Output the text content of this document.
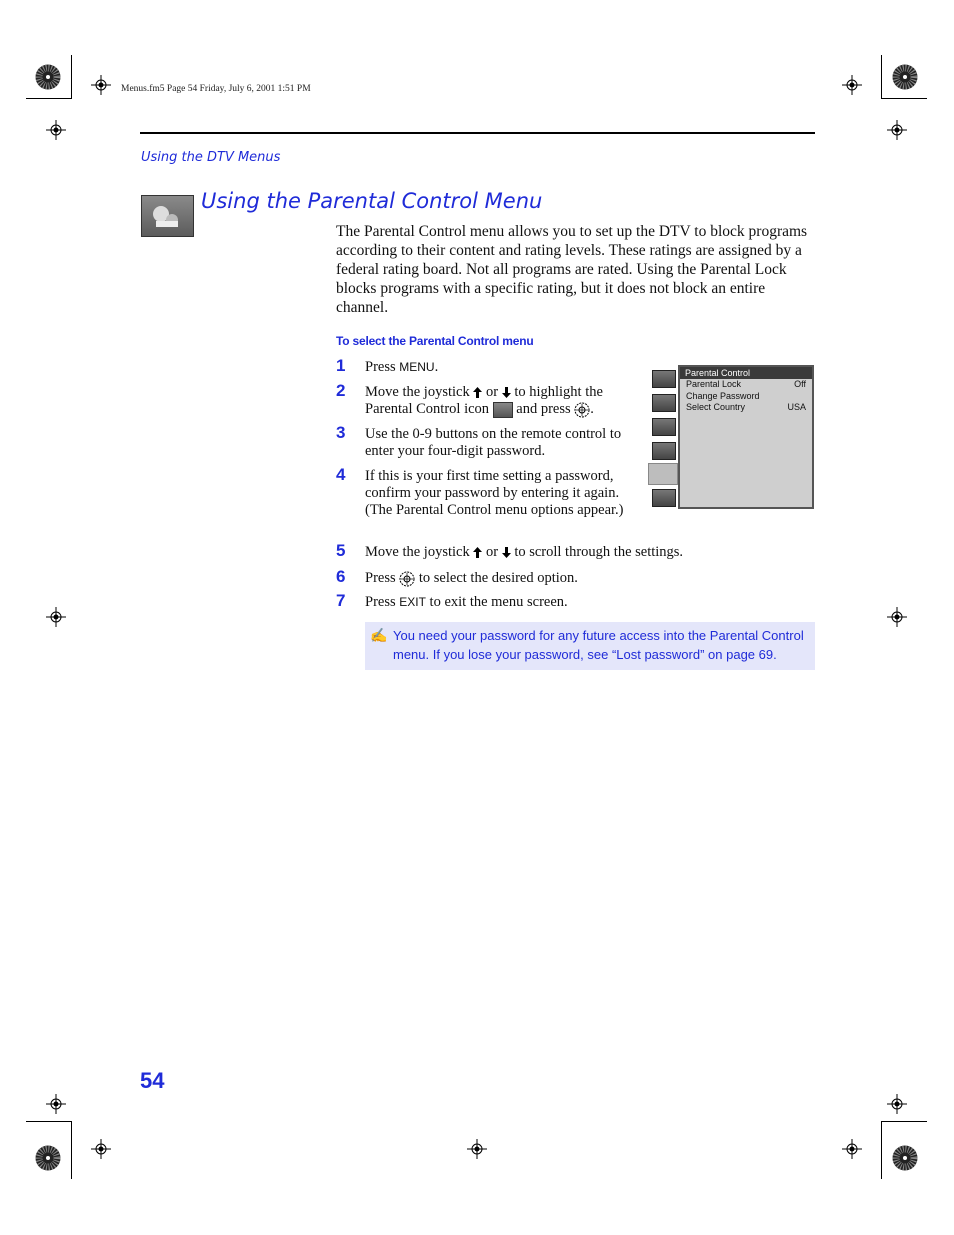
Menus.fm5 Page 54 Friday, July 6, 2001 1:51 PM
Using the DTV Menus
Using the Parental Control Menu

The Parental Control menu allows you to set up the DTV to block programs according to their content and rating levels. These ratings are assigned by a federal rating board. Not all programs are rated. Using the Parental Lock blocks programs with a specific rating, but it does not block an entire channel.

To select the Parental Control menu
1 Press MENU.
2 Move the joystick  or  to highlight the Parental Control icon  and press .
3 Use the 0-9 buttons on the remote control to enter your four-digit password.
4 If this is your first time setting a password, confirm your password by entering it again. (The Parental Control menu options appear.)
5 Move the joystick  or  to scroll through the settings.
6 Press  to select the desired option.
7 Press EXIT to exit the menu screen.
Parental Control
Parental Lock	Off
Change Password
Select Country	USA
✍ You need your password for any future access into the Parental Control menu. If you lose your password, see “Lost password” on page 69.
54
